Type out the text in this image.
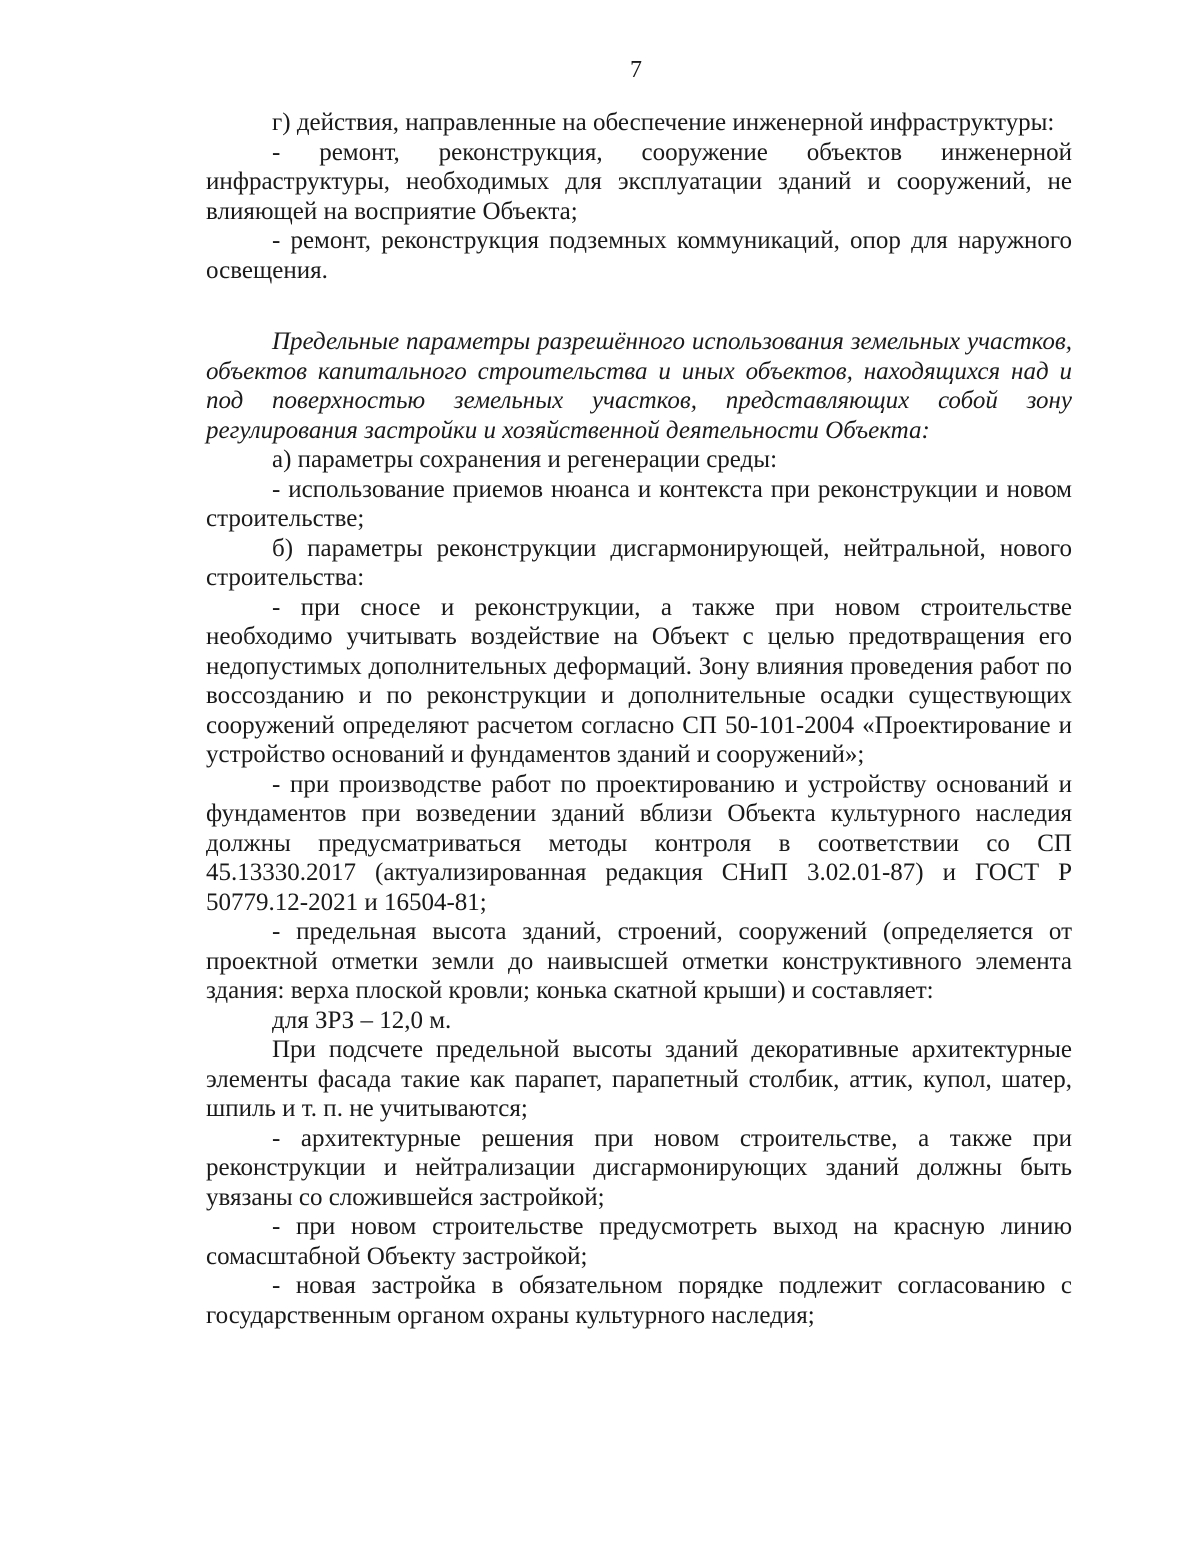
7

г) действия, направленные на обеспечение инженерной инфраструктуры:

- ремонт, реконструкция, сооружение объектов инженерной инфраструктуры, необходимых для эксплуатации зданий и сооружений, не влияющей на восприятие Объекта;

- ремонт, реконструкция подземных коммуникаций, опор для наружного освещения.

Предельные параметры разрешённого использования земельных участков, объектов капитального строительства и иных объектов, находящихся над и под поверхностью земельных участков, представляющих собой зону регулирования застройки и хозяйственной деятельности Объекта:

а) параметры сохранения и регенерации среды:

- использование приемов нюанса и контекста при реконструкции и новом строительстве;

б) параметры реконструкции дисгармонирующей, нейтральной, нового строительства:

- при сносе и реконструкции, а также при новом строительстве необходимо учитывать воздействие на Объект с целью предотвращения его недопустимых дополнительных деформаций. Зону влияния проведения работ по воссозданию и по реконструкции и дополнительные осадки существующих сооружений определяют расчетом согласно СП 50-101-2004 «Проектирование и устройство оснований и фундаментов зданий и сооружений»;

- при производстве работ по проектированию и устройству оснований и фундаментов при возведении зданий вблизи Объекта культурного наследия должны предусматриваться методы контроля в соответствии со СП 45.13330.2017 (актуализированная редакция СНиП 3.02.01-87) и ГОСТ Р 50779.12-2021 и 16504-81;

- предельная высота зданий, строений, сооружений (определяется от проектной отметки земли до наивысшей отметки конструктивного элемента здания: верха плоской кровли; конька скатной крыши) и составляет:

для ЗРЗ – 12,0 м.

При подсчете предельной высоты зданий декоративные архитектурные элементы фасада такие как парапет, парапетный столбик, аттик, купол, шатер, шпиль и т. п. не учитываются;

- архитектурные решения при новом строительстве, а также при реконструкции и нейтрализации дисгармонирующих зданий должны быть увязаны со сложившейся застройкой;

- при новом строительстве предусмотреть выход на красную линию сомасштабной Объекту застройкой;

- новая застройка в обязательном порядке подлежит согласованию с государственным органом охраны культурного наследия;
